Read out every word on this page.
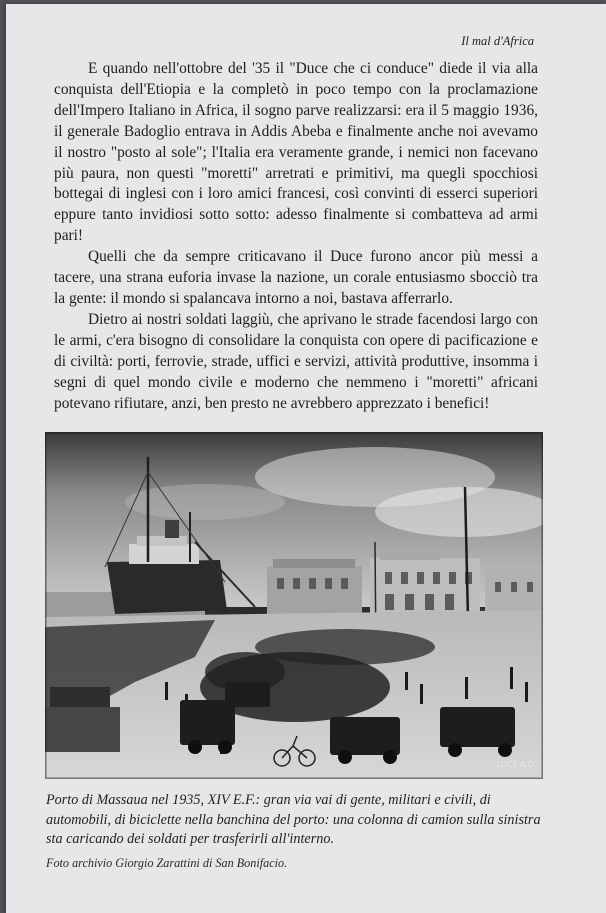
Il mal d'Africa

E quando nell'ottobre del '35 il "Duce che ci conduce" diede il via alla conquista dell'Etiopia e la completò in poco tempo con la proclamazione dell'Impero Italiano in Africa, il sogno parve realizzarsi: era il 5 maggio 1936, il generale Badoglio entrava in Addis Abeba e finalmente anche noi avevamo il nostro "posto al sole"; l'Italia era veramente grande, i nemici non facevano più paura, non questi "moretti" arretrati e primitivi, ma quegli spocchiosi bottegai di inglesi con i loro amici francesi, così convinti di esserci superiori eppure tanto invidiosi sotto sotto: adesso finalmente si combatteva ad armi pari!

Quelli che da sempre criticavano il Duce furono ancor più messi a tacere, una strana euforia invase la nazione, un corale entusiasmo sbocciò tra la gente: il mondo si spalancava intorno a noi, bastava afferrarlo.

Dietro ai nostri soldati laggiù, che aprivano le strade facendosi largo con le armi, c'era bisogno di consolidare la conquista con opere di pacificazione e di civiltà: porti, ferrovie, strade, uffici e servizi, attività produttive, insomma i segni di quel mondo civile e moderno che nemmeno i "moretti" africani potevano rifiutare, anzi, ben presto ne avrebbero apprezzato i benefici!

LUCE A.O.
Porto di Massaua nel 1935, XIV E.F.: gran via vai di gente, militari e civili, di automobili, di biciclette nella banchina del porto: una colonna di camion sulla sinistra sta caricando dei soldati per trasferirli all'interno.
Foto archivio Giorgio Zarattini di San Bonifacio.
